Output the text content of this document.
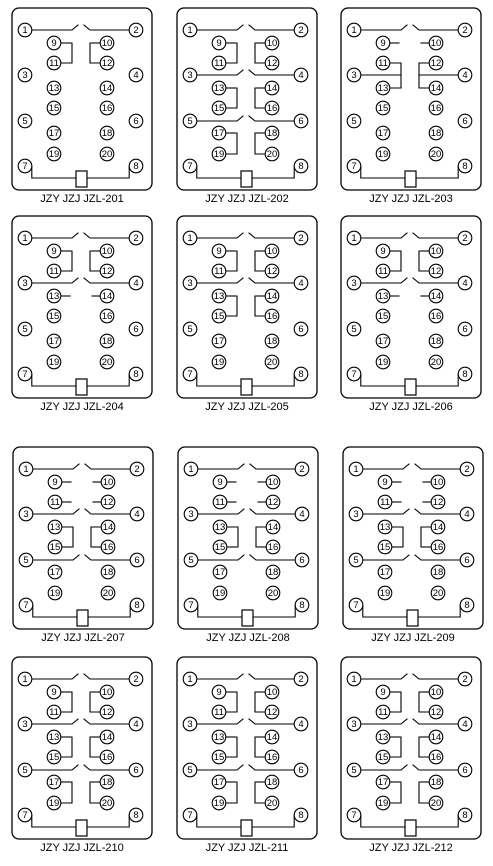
1	2
3	4
5	6
7	8
9	10
11	12
13	14
15	16
17	18
19	20
JZY JZJ JZL-201
1	2
3	4
5	6
7	8
9	10
11	12
13	14
15	16
17	18
19	20
JZY JZJ JZL-202
1	2
3	4
5	6
7	8
9	10
11	12
13	14
15	16
17	18
19	20
JZY JZJ JZL-203
1	2
3	4
5	6
7	8
9	10
11	12
13	14
15	16
17	18
19	20
JZY JZJ JZL-204
1	2
3	4
5	6
7	8
9	10
11	12
13	14
15	16
17	18
19	20
JZY JZJ JZL-205
1	2
3	4
5	6
7	8
9	10
11	12
13	14
15	16
17	18
19	20
JZY JZJ JZL-206
1	2
3	4
5	6
7	8
9	10
11	12
13	14
15	16
17	18
19	20
JZY JZJ JZL-207
1	2
3	4
5	6
7	8
9	10
11	12
13	14
15	16
17	18
19	20
JZY JZJ JZL-208
1	2
3	4
5	6
7	8
9	10
11	12
13	14
15	16
17	18
19	20
JZY JZJ JZL-209
1	2
3	4
5	6
7	8
9	10
11	12
13	14
15	16
17	18
19	20
JZY JZJ JZL-210
1	2
3	4
5	6
7	8
9	10
11	12
13	14
15	16
17	18
19	20
JZY JZJ JZL-211
1	2
3	4
5	6
7	8
9	10
11	12
13	14
15	16
17	18
19	20
JZY JZJ JZL-212
